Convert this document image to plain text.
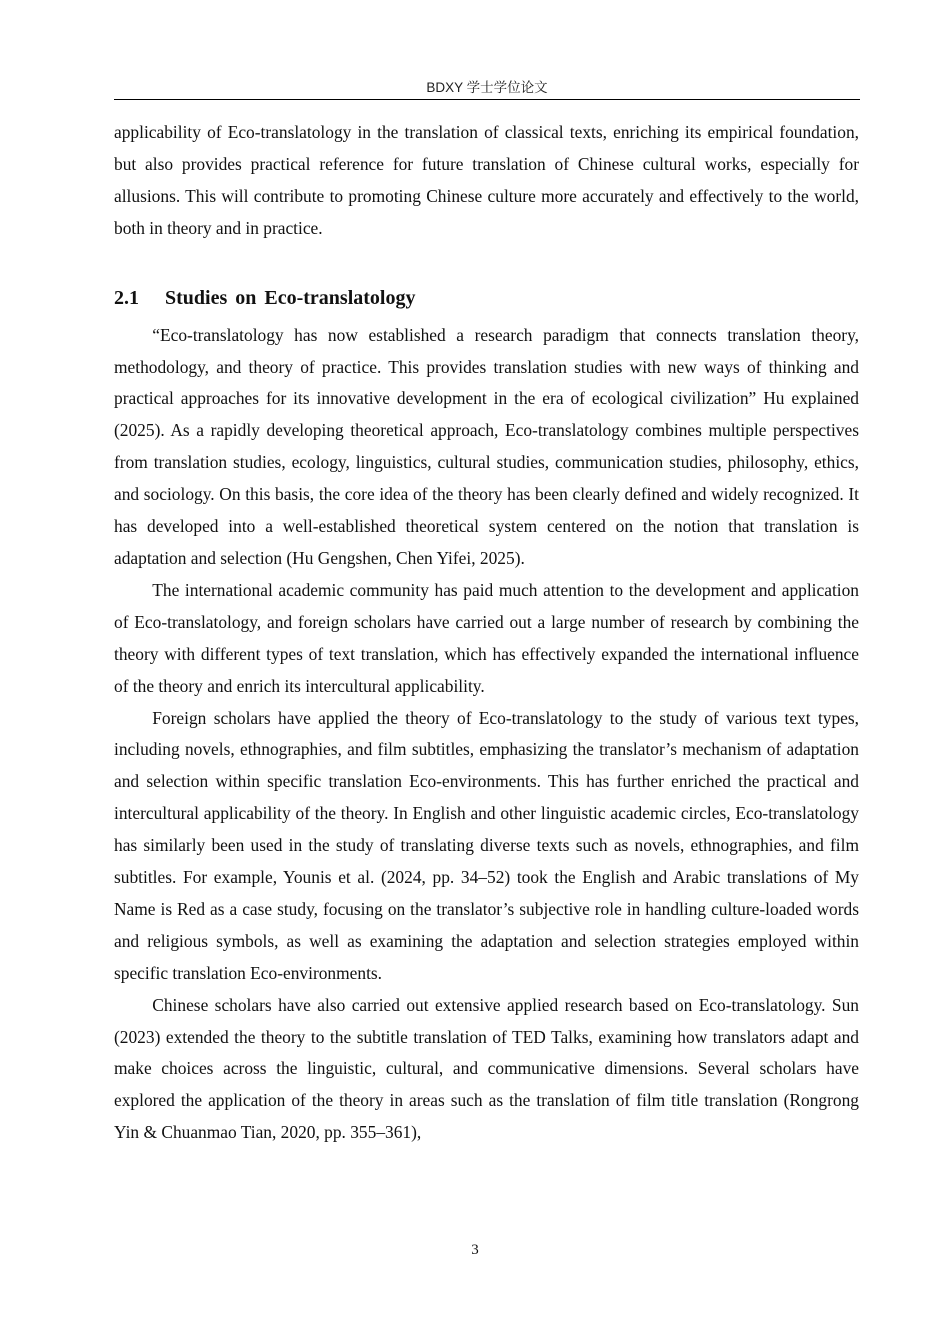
BDXY 学士学位论文

applicability of Eco-translatology in the translation of classical texts, enriching its empirical foundation, but also provides practical reference for future translation of Chinese cultural works, especially for allusions. This will contribute to promoting Chinese culture more accurately and effectively to the world, both in theory and in practice.

2.1 Studies on Eco-translatology

“Eco-translatology has now established a research paradigm that connects translation theory, methodology, and theory of practice. This provides translation studies with new ways of thinking and practical approaches for its innovative development in the era of ecological civilization” Hu explained (2025). As a rapidly developing theoretical approach, Eco-translatology combines multiple perspectives from translation studies, ecology, linguistics, cultural studies, communication studies, philosophy, ethics, and sociology. On this basis, the core idea of the theory has been clearly defined and widely recognized. It has developed into a well-established theoretical system centered on the notion that translation is adaptation and selection (Hu Gengshen, Chen Yifei, 2025).

The international academic community has paid much attention to the development and application of Eco-translatology, and foreign scholars have carried out a large number of research by combining the theory with different types of text translation, which has effectively expanded the international influence of the theory and enrich its intercultural applicability.

Foreign scholars have applied the theory of Eco-translatology to the study of various text types, including novels, ethnographies, and film subtitles, emphasizing the translator’s mechanism of adaptation and selection within specific translation Eco-environments. This has further enriched the practical and intercultural applicability of the theory. In English and other linguistic academic circles, Eco-translatology has similarly been used in the study of translating diverse texts such as novels, ethnographies, and film subtitles. For example, Younis et al. (2024, pp. 34–52) took the English and Arabic translations of My Name is Red as a case study, focusing on the translator’s subjective role in handling culture-loaded words and religious symbols, as well as examining the adaptation and selection strategies employed within specific translation Eco-environments.

Chinese scholars have also carried out extensive applied research based on Eco-translatology. Sun (2023) extended the theory to the subtitle translation of TED Talks, examining how translators adapt and make choices across the linguistic, cultural, and communicative dimensions. Several scholars have explored the application of the theory in areas such as the translation of film title translation (Rongrong Yin & Chuanmao Tian, 2020, pp. 355–361),

3
